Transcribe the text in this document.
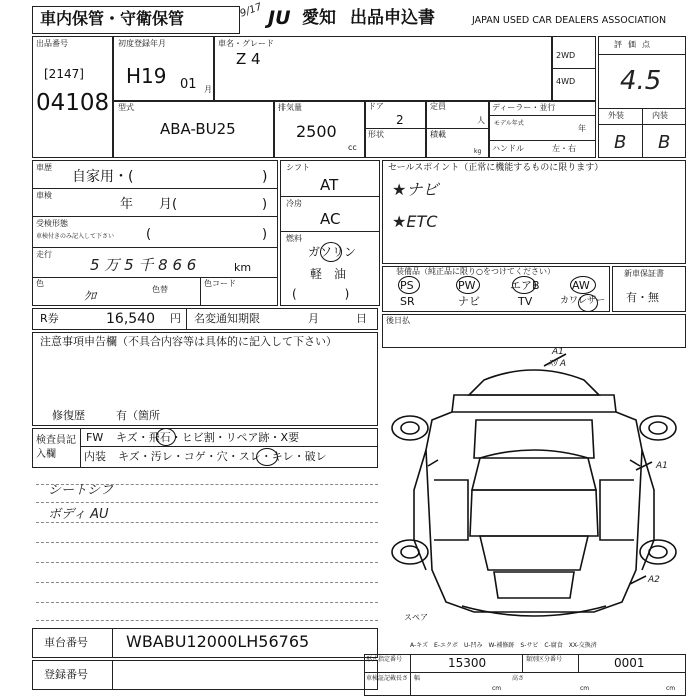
車内保管・守衛保管	9/17 JU 愛知 出品申込書	JAPAN USED CAR DEALERS ASSOCIATION
出品番号
[2147]
04108
初度登録年月
H19 01 月
車名・グレード
Z 4	2WD
4WD
型式
ABA-BU25
排気量
2500
cc
ドア
2
形状
定員
人
積載
kg
ディーラー・並行
モデル年式
年
ハンドル	左・右
評価点
4.5
外装	内装
B B
車歴
自家用・(	)
車検
年　　月(	)
受検形態
車検付きのみ記入して下さい (	)
走行
5 万 5 千 8 6 6	km
色
ｸﾛ	色替
色コード
シフト
AT
冷房
AC
燃料
ガソリン
軽　油
(　　　　)
セールスポイント（正常に機能するものに限ります）
★ナビ
★ETC
装備品（純正品に限り○をつけてください）
PS	PW	エアB	AW
SR	ナビ	TV	カワレザー
新車保証書
有・無
R券	16,540 円 名変通知期限	月	日 後日払
注意事項申告欄（不具合内容等は具体的に記入して下さい）
修復歴	有（箇所
検査員記入欄
FW キズ・飛石・ヒビ割・リペア跡・X要
内装 キズ・汚レ・コゲ・穴・スレ・キレ・破レ
シートシフ
ボディ AU
A1
ｽﾘ A
A1
A2
スペア
車台番号 WBABU12000LH56765
登録番号
A-キズ　E-エクボ　U-凹み　W-補修跡　S-サビ　C-腐食　XX-交換済
形式指定番号	15300	類別区分番号	0001
車検証記載長さ 幅	高さ
cm	cm	cm
